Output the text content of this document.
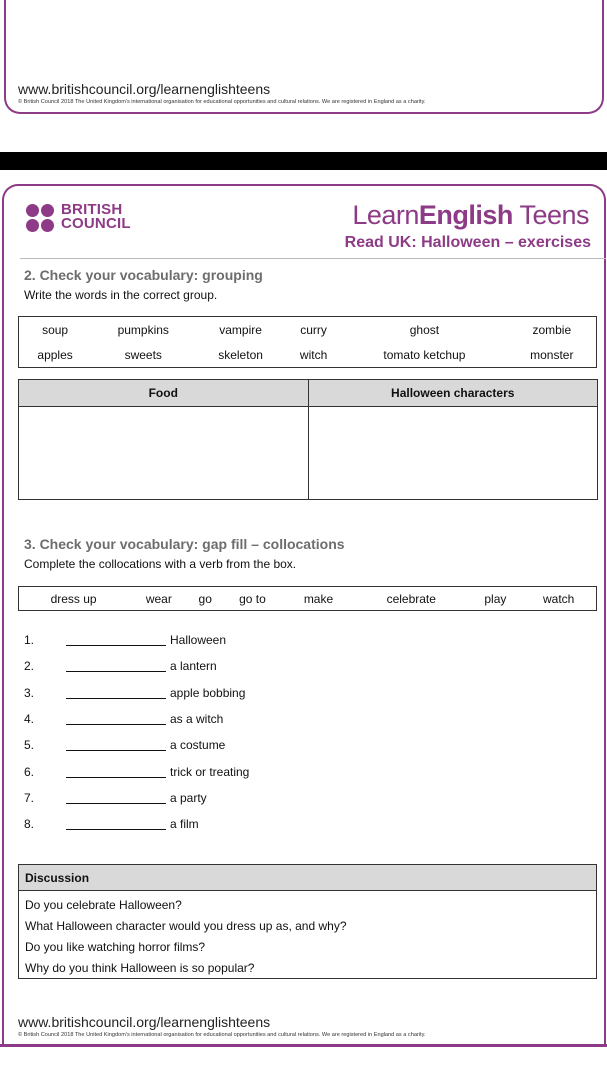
www.britishcouncil.org/learnenglishteens
© British Council 2018 The United Kingdom's international organisation for educational opportunities and cultural relations. We are registered in England as a charity.
BRITISH
COUNCIL	LearnEnglish Teens
Read UK: Halloween – exercises
2. Check your vocabulary: grouping
Write the words in the correct group.
soup	pumpkins	vampire	curry	ghost	zombie
apples	sweets	skeleton	witch	tomato ketchup	monster
Food	Halloween characters

3. Check your vocabulary: gap fill – collocations
Complete the collocations with a verb from the box.
dress up	wear	go	go to	make	celebrate	play	watch
1.	Halloween
2.	a lantern
3.	apple bobbing
4.	as a witch
5.	a costume
6.	trick or treating
7.	a party
8.	a film
Discussion
Do you celebrate Halloween?
What Halloween character would you dress up as, and why?
Do you like watching horror films?
Why do you think Halloween is so popular?
www.britishcouncil.org/learnenglishteens
© British Council 2018 The United Kingdom's international organisation for educational opportunities and cultural relations. We are registered in England as a charity.
